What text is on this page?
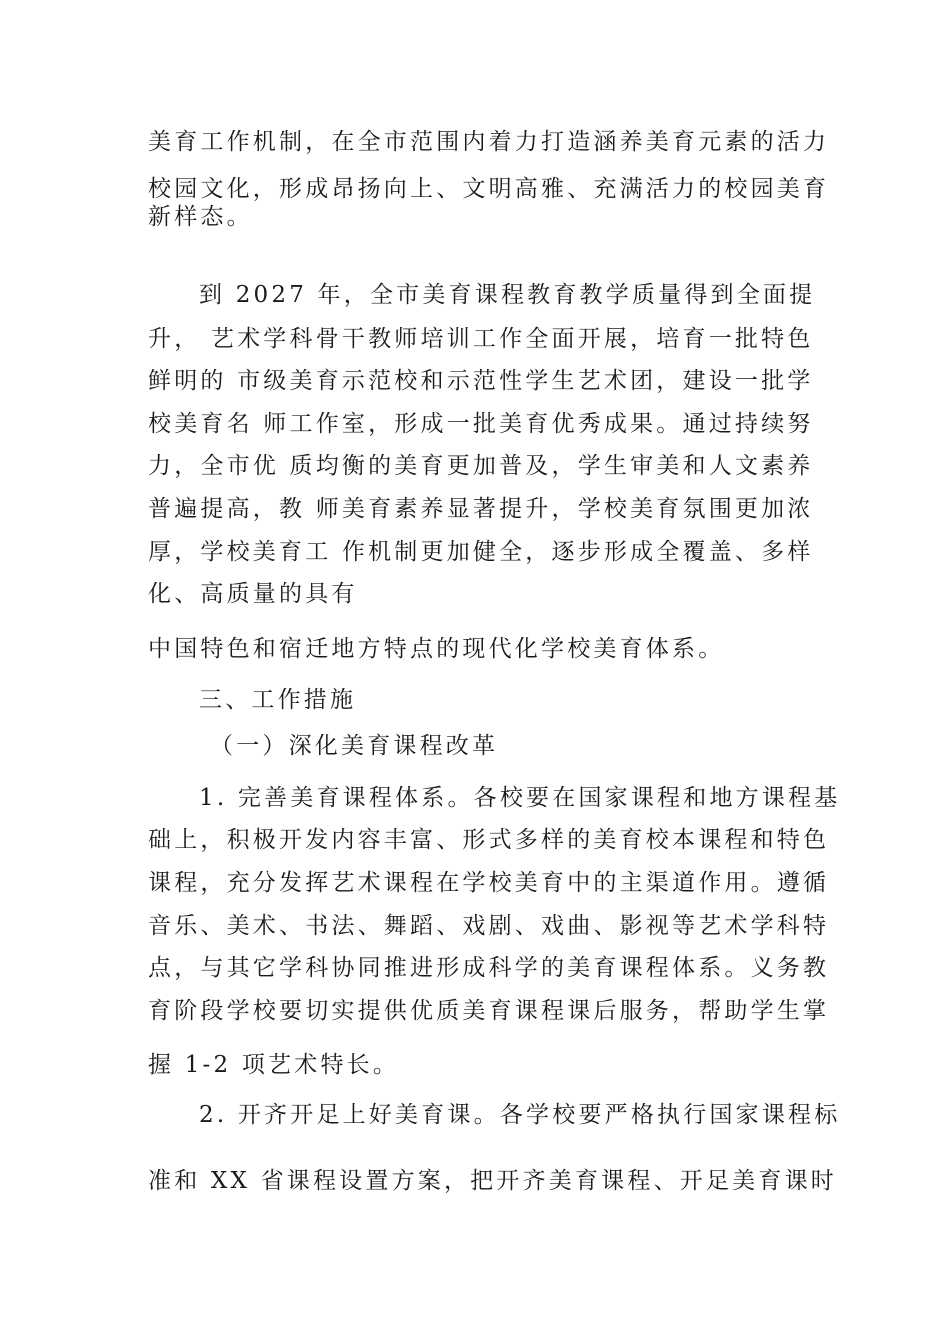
美育工作机制，在全市范围内着力打造涵养美育元素的活力
校园文化，形成昂扬向上、文明高雅、充满活力的校园美育
新样态。
到 2027 年，全市美育课程教育教学质量得到全面提
升， 艺术学科骨干教师培训工作全面开展，培育一批特色
鲜明的 市级美育示范校和示范性学生艺术团，建设一批学
校美育名 师工作室，形成一批美育优秀成果。通过持续努
力，全市优 质均衡的美育更加普及，学生审美和人文素养
普遍提高，教 师美育素养显著提升，学校美育氛围更加浓
厚，学校美育工 作机制更加健全，逐步形成全覆盖、多样
化、高质量的具有
中国特色和宿迁地方特点的现代化学校美育体系。
三、工作措施
（一）深化美育课程改革
1. 完善美育课程体系。各校要在国家课程和地方课程基
础上，积极开发内容丰富、形式多样的美育校本课程和特色
课程，充分发挥艺术课程在学校美育中的主渠道作用。遵循
音乐、美术、书法、舞蹈、戏剧、戏曲、影视等艺术学科特
点，与其它学科协同推进形成科学的美育课程体系。义务教
育阶段学校要切实提供优质美育课程课后服务，帮助学生掌
握 1-2 项艺术特长。
2. 开齐开足上好美育课。各学校要严格执行国家课程标
准和 XX 省课程设置方案，把开齐美育课程、开足美育课时
